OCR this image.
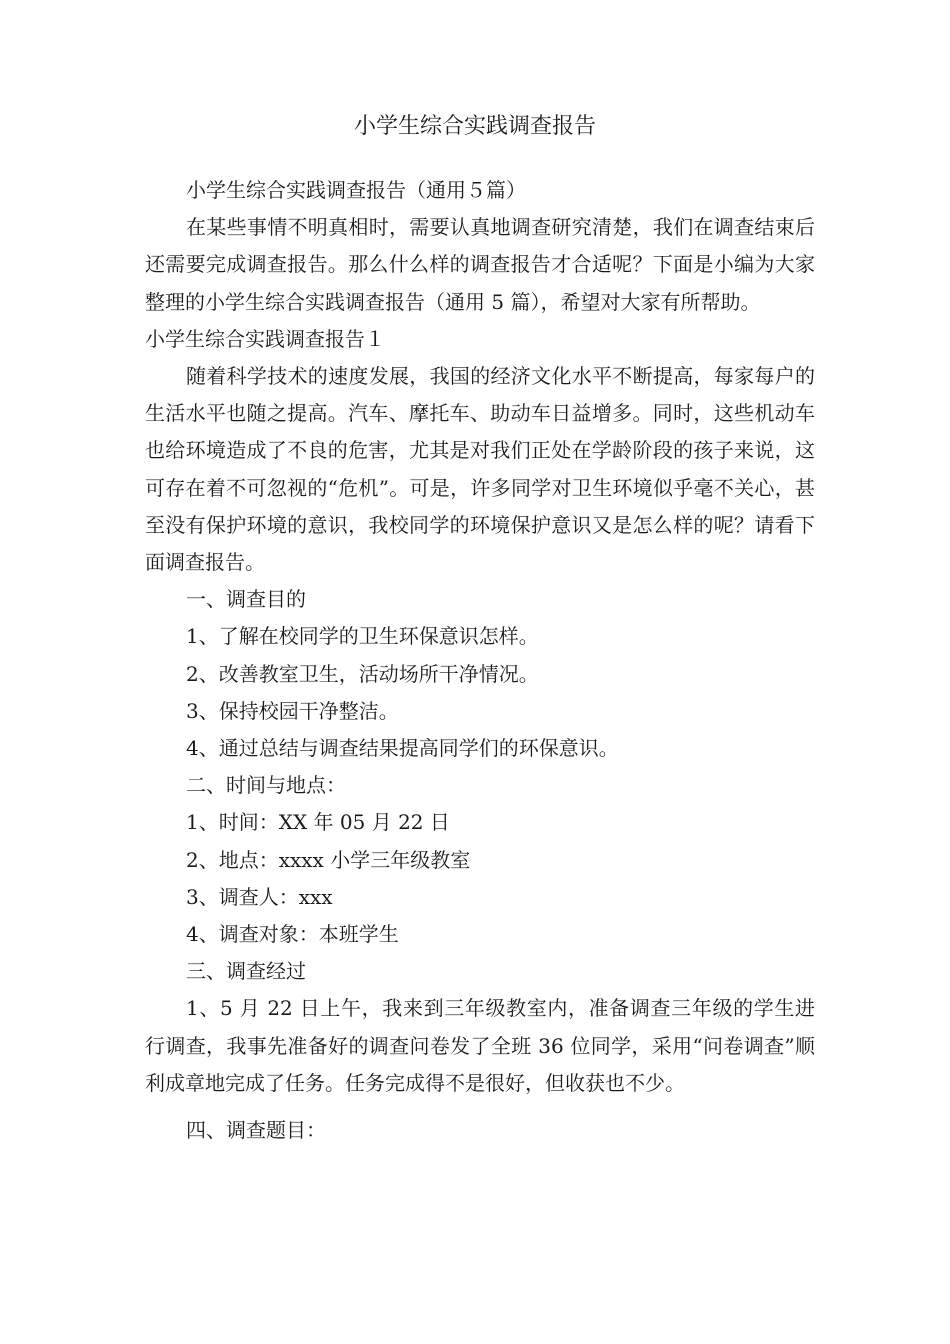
小学生综合实践调查报告

小学生综合实践调查报告（通用５篇）

在某些事情不明真相时，需要认真地调查研究清楚，我们在调查结束后还需要完成调查报告。那么什么样的调查报告才合适呢？下面是小编为大家整理的小学生综合实践调查报告（通用 5 篇），希望对大家有所帮助。

小学生综合实践调查报告１

随着科学技术的速度发展，我国的经济文化水平不断提高，每家每户的生活水平也随之提高。汽车、摩托车、助动车日益增多。同时，这些机动车也给环境造成了不良的危害，尤其是对我们正处在学龄阶段的孩子来说，这可存在着不可忽视的“危机”。可是，许多同学对卫生环境似乎毫不关心，甚至没有保护环境的意识，我校同学的环境保护意识又是怎么样的呢？请看下面调查报告。

一、调查目的

1、了解在校同学的卫生环保意识怎样。

2、改善教室卫生，活动场所干净情况。

3、保持校园干净整洁。

4、通过总结与调查结果提高同学们的环保意识。

二、时间与地点：

1、时间：XX 年 05 月 22 日

2、地点：xxxx 小学三年级教室

3、调查人：xxx

4、调查对象：本班学生

三、调查经过

1、5 月 22 日上午，我来到三年级教室内，准备调查三年级的学生进行调查，我事先准备好的调查问卷发了全班 36 位同学，采用“问卷调查”顺利成章地完成了任务。任务完成得不是很好，但收获也不少。

四、调查题目：
